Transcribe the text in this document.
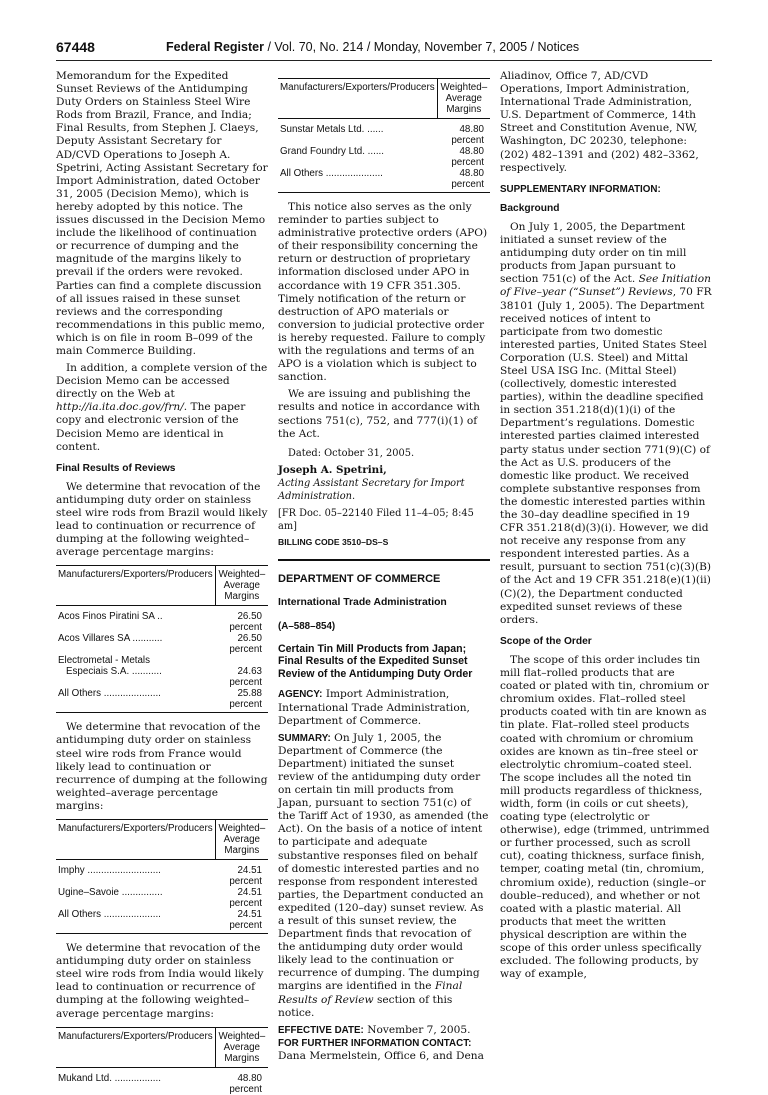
67448	Federal Register / Vol. 70, No. 214 / Monday, November 7, 2005 / Notices

Memorandum for the Expedited Sunset Reviews of the Antidumping Duty Orders on Stainless Steel Wire Rods from Brazil, France, and India; Final Results, from Stephen J. Claeys, Deputy Assistant Secretary for AD/CVD Operations to Joseph A. Spetrini, Acting Assistant Secretary for Import Administration, dated October 31, 2005 (Decision Memo), which is hereby adopted by this notice. The issues discussed in the Decision Memo include the likelihood of continuation or recurrence of dumping and the magnitude of the margins likely to prevail if the orders were revoked. Parties can find a complete discussion of all issues raised in these sunset reviews and the corresponding recommendations in this public memo, which is on file in room B–099 of the main Commerce Building.

In addition, a complete version of the Decision Memo can be accessed directly on the Web at http://ia.ita.doc.gov/frn/. The paper copy and electronic version of the Decision Memo are identical in content.

Final Results of Reviews

We determine that revocation of the antidumping duty order on stainless steel wire rods from Brazil would likely lead to continuation or recurrence of dumping at the following weighted–average percentage margins:

Manufacturers/Exporters/Producers	Weighted–Average Margins
Acos Finos Piratini SA ..	26.50 percent
Acos Villares SA ...........	26.50 percent
Electrometal - Metals	
Especiais S.A. ...........	24.63 percent
All Others .....................	25.88 percent

We determine that revocation of the antidumping duty order on stainless steel wire rods from France would likely lead to continuation or recurrence of dumping at the following weighted–average percentage margins:

Manufacturers/Exporters/Producers	Weighted–Average Margins
Imphy ...........................	24.51 percent
Ugine–Savoie ...............	24.51 percent
All Others .....................	24.51 percent

We determine that revocation of the antidumping duty order on stainless steel wire rods from India would likely lead to continuation or recurrence of dumping at the following weighted–average percentage margins:

Manufacturers/Exporters/Producers	Weighted–Average Margins
Mukand Ltd. .................	48.80 percent
Manufacturers/Exporters/Producers	Weighted–Average Margins
Sunstar Metals Ltd. ......	48.80 percent
Grand Foundry Ltd. ......	48.80 percent
All Others .....................	48.80 percent

This notice also serves as the only reminder to parties subject to administrative protective orders (APO) of their responsibility concerning the return or destruction of proprietary information disclosed under APO in accordance with 19 CFR 351.305. Timely notification of the return or destruction of APO materials or conversion to judicial protective order is hereby requested. Failure to comply with the regulations and terms of an APO is a violation which is subject to sanction.

We are issuing and publishing the results and notice in accordance with sections 751(c), 752, and 777(i)(1) of the Act.

Dated: October 31, 2005.

Joseph A. Spetrini,
Acting Assistant Secretary for Import Administration.
[FR Doc. 05–22140 Filed 11–4–05; 8:45 am]
BILLING CODE 3510–DS–S
DEPARTMENT OF COMMERCE
International Trade Administration
(A–588–854)
Certain Tin Mill Products from Japan; Final Results of the Expedited Sunset Review of the Antidumping Duty Order

AGENCY: Import Administration, International Trade Administration, Department of Commerce.

SUMMARY: On July 1, 2005, the Department of Commerce (the Department) initiated the sunset review of the antidumping duty order on certain tin mill products from Japan, pursuant to section 751(c) of the Tariff Act of 1930, as amended (the Act). On the basis of a notice of intent to participate and adequate substantive responses filed on behalf of domestic interested parties and no response from respondent interested parties, the Department conducted an expedited (120–day) sunset review. As a result of this sunset review, the Department finds that revocation of the antidumping duty order would likely lead to the continuation or recurrence of dumping. The dumping margins are identified in the Final Results of Review section of this notice.

EFFECTIVE DATE: November 7, 2005.

FOR FURTHER INFORMATION CONTACT:
Dana Mermelstein, Office 6, and Dena

Aliadinov, Office 7, AD/CVD Operations, Import Administration, International Trade Administration, U.S. Department of Commerce, 14th Street and Constitution Avenue, NW, Washington, DC 20230, telephone: (202) 482–1391 and (202) 482–3362, respectively.

SUPPLEMENTARY INFORMATION:
Background

On July 1, 2005, the Department initiated a sunset review of the antidumping duty order on tin mill products from Japan pursuant to section 751(c) of the Act. See Initiation of Five–year (“Sunset”) Reviews, 70 FR 38101 (July 1, 2005). The Department received notices of intent to participate from two domestic interested parties, United States Steel Corporation (U.S. Steel) and Mittal Steel USA ISG Inc. (Mittal Steel) (collectively, domestic interested parties), within the deadline specified in section 351.218(d)(1)(i) of the Department’s regulations. Domestic interested parties claimed interested party status under section 771(9)(C) of the Act as U.S. producers of the domestic like product. We received complete substantive responses from the domestic interested parties within the 30–day deadline specified in 19 CFR 351.218(d)(3)(i). However, we did not receive any response from any respondent interested parties. As a result, pursuant to section 751(c)(3)(B) of the Act and 19 CFR 351.218(e)(1)(ii)(C)(2), the Department conducted expedited sunset reviews of these orders.

Scope of the Order

The scope of this order includes tin mill flat–rolled products that are coated or plated with tin, chromium or chromium oxides. Flat–rolled steel products coated with tin are known as tin plate. Flat–rolled steel products coated with chromium or chromium oxides are known as tin–free steel or electrolytic chromium–coated steel. The scope includes all the noted tin mill products regardless of thickness, width, form (in coils or cut sheets), coating type (electrolytic or otherwise), edge (trimmed, untrimmed or further processed, such as scroll cut), coating thickness, surface finish, temper, coating metal (tin, chromium, chromium oxide), reduction (single–or double–reduced), and whether or not coated with a plastic material. All products that meet the written physical description are within the scope of this order unless specifically excluded. The following products, by way of example,
